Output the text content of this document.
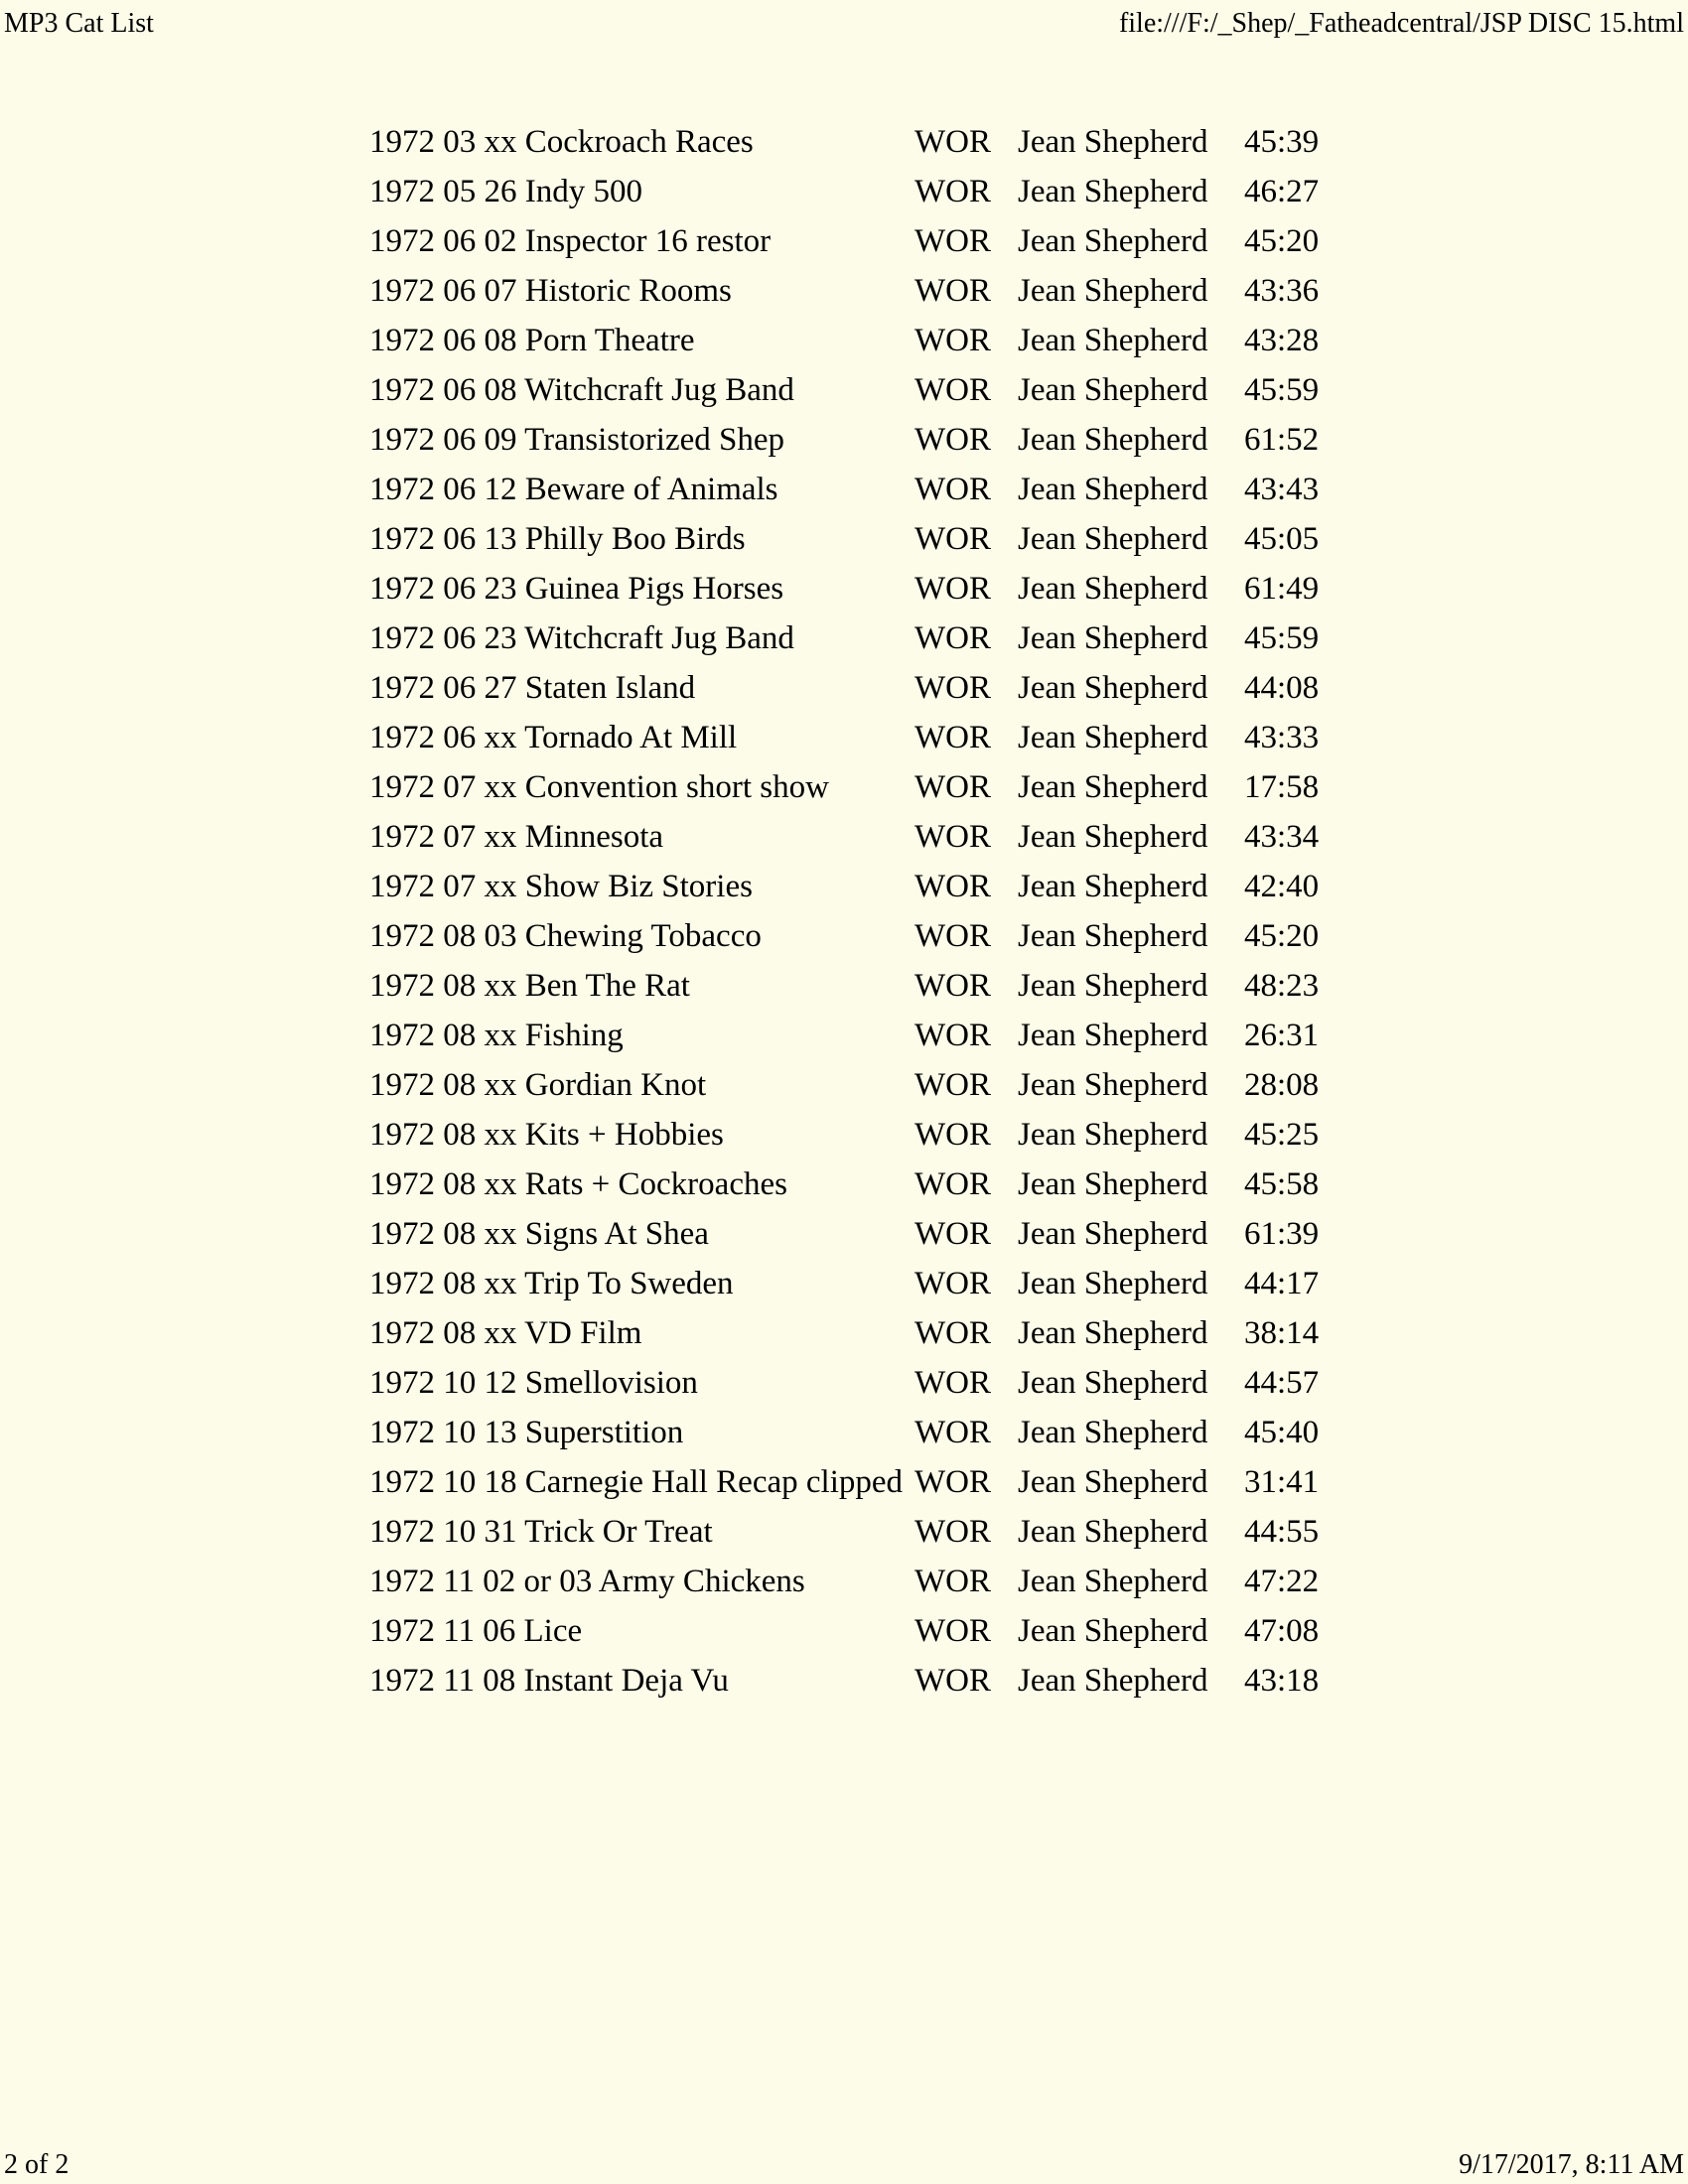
MP3 Cat List	file:///F:/_Shep/_Fatheadcentral/JSP DISC 15.html
1972 03 xx Cockroach Races	WOR	Jean Shepherd	45:39
1972 05 26 Indy 500	WOR	Jean Shepherd	46:27
1972 06 02 Inspector 16 restor	WOR	Jean Shepherd	45:20
1972 06 07 Historic Rooms	WOR	Jean Shepherd	43:36
1972 06 08 Porn Theatre	WOR	Jean Shepherd	43:28
1972 06 08 Witchcraft Jug Band	WOR	Jean Shepherd	45:59
1972 06 09 Transistorized Shep	WOR	Jean Shepherd	61:52
1972 06 12 Beware of Animals	WOR	Jean Shepherd	43:43
1972 06 13 Philly Boo Birds	WOR	Jean Shepherd	45:05
1972 06 23 Guinea Pigs Horses	WOR	Jean Shepherd	61:49
1972 06 23 Witchcraft Jug Band	WOR	Jean Shepherd	45:59
1972 06 27 Staten Island	WOR	Jean Shepherd	44:08
1972 06 xx Tornado At Mill	WOR	Jean Shepherd	43:33
1972 07 xx Convention short show	WOR	Jean Shepherd	17:58
1972 07 xx Minnesota	WOR	Jean Shepherd	43:34
1972 07 xx Show Biz Stories	WOR	Jean Shepherd	42:40
1972 08 03 Chewing Tobacco	WOR	Jean Shepherd	45:20
1972 08 xx Ben The Rat	WOR	Jean Shepherd	48:23
1972 08 xx Fishing	WOR	Jean Shepherd	26:31
1972 08 xx Gordian Knot	WOR	Jean Shepherd	28:08
1972 08 xx Kits + Hobbies	WOR	Jean Shepherd	45:25
1972 08 xx Rats + Cockroaches	WOR	Jean Shepherd	45:58
1972 08 xx Signs At Shea	WOR	Jean Shepherd	61:39
1972 08 xx Trip To Sweden	WOR	Jean Shepherd	44:17
1972 08 xx VD Film	WOR	Jean Shepherd	38:14
1972 10 12 Smellovision	WOR	Jean Shepherd	44:57
1972 10 13 Superstition	WOR	Jean Shepherd	45:40
1972 10 18 Carnegie Hall Recap clipped	WOR	Jean Shepherd	31:41
1972 10 31 Trick Or Treat	WOR	Jean Shepherd	44:55
1972 11 02 or 03 Army Chickens	WOR	Jean Shepherd	47:22
1972 11 06 Lice	WOR	Jean Shepherd	47:08
1972 11 08 Instant Deja Vu	WOR	Jean Shepherd	43:18
2 of 2	9/17/2017, 8:11 AM
